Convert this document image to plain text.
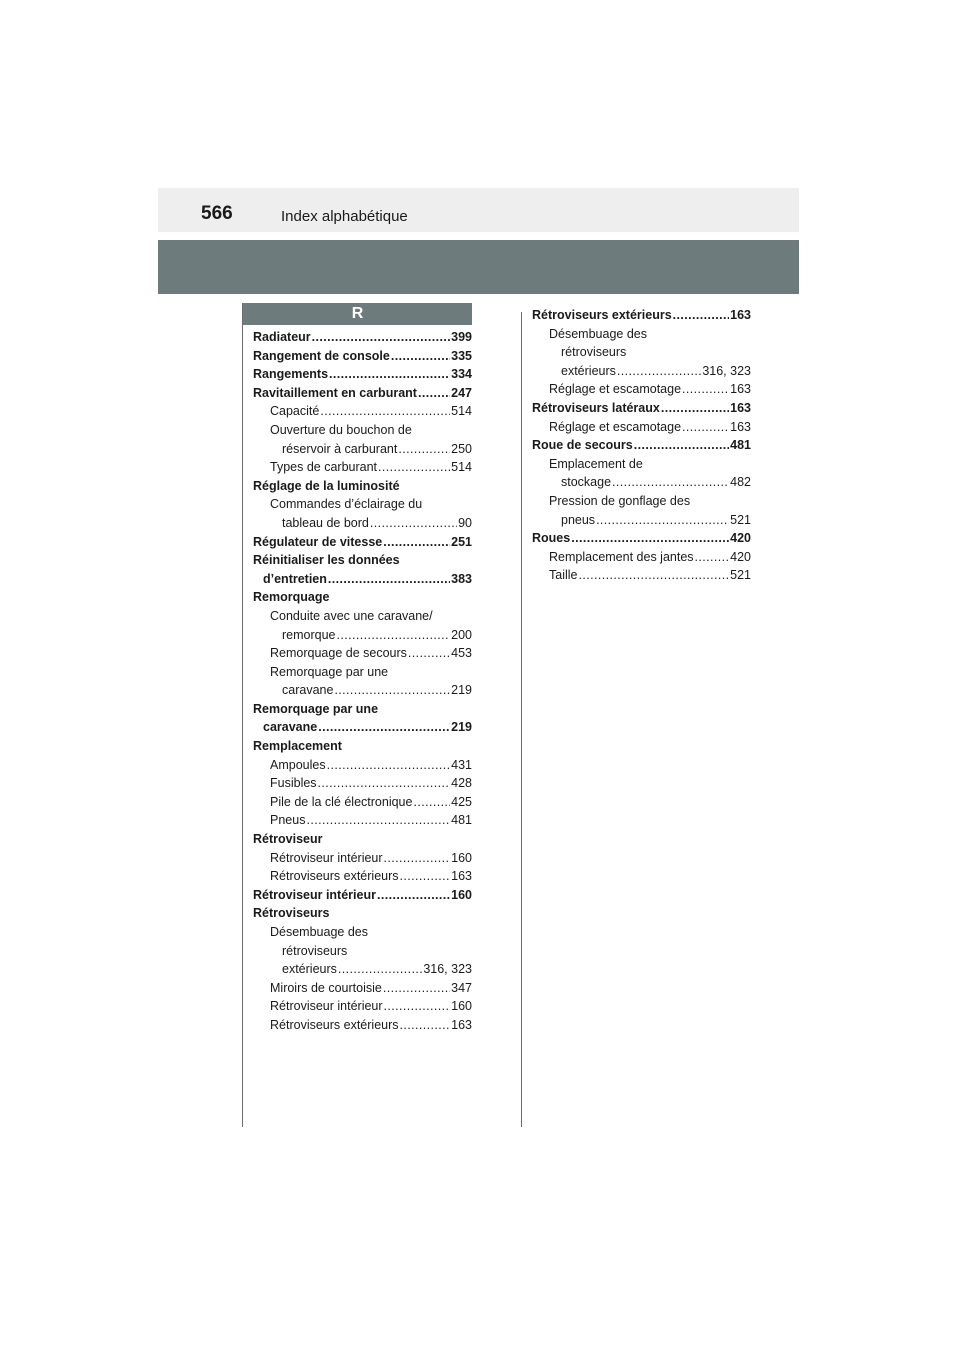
566	Index alphabétique
R
Radiateur .....	399
Rangement de console .....	335
Rangements .....	334
Ravitaillement en carburant .....	247
Capacité .....	514
Ouverture du bouchon de
réservoir à carburant .....	250
Types de carburant .....	514
Réglage de la luminosité
Commandes d’éclairage du
tableau de bord .....	90
Régulateur de vitesse .....	251
Réinitialiser les données
d’entretien .....	383
Remorquage
Conduite avec une caravane/
remorque .....	200
Remorquage de secours .....	453
Remorquage par une
caravane .....	219
Remorquage par une
caravane .....	219
Remplacement
Ampoules .....	431
Fusibles .....	428
Pile de la clé électronique .....	425
Pneus .....	481
Rétroviseur
Rétroviseur intérieur .....	160
Rétroviseurs extérieurs .....	163
Rétroviseur intérieur .....	160
Rétroviseurs
Désembuage des
rétroviseurs
extérieurs .....	316, 323
Miroirs de courtoisie .....	347
Rétroviseur intérieur .....	160
Rétroviseurs extérieurs .....	163
Rétroviseurs extérieurs .....	163
Désembuage des
rétroviseurs
extérieurs .....	316, 323
Réglage et escamotage .....	163
Rétroviseurs latéraux .....	163
Réglage et escamotage .....	163
Roue de secours .....	481
Emplacement de
stockage .....	482
Pression de gonflage des
pneus .....	521
Roues .....	420
Remplacement des jantes .....	420
Taille .....	521
